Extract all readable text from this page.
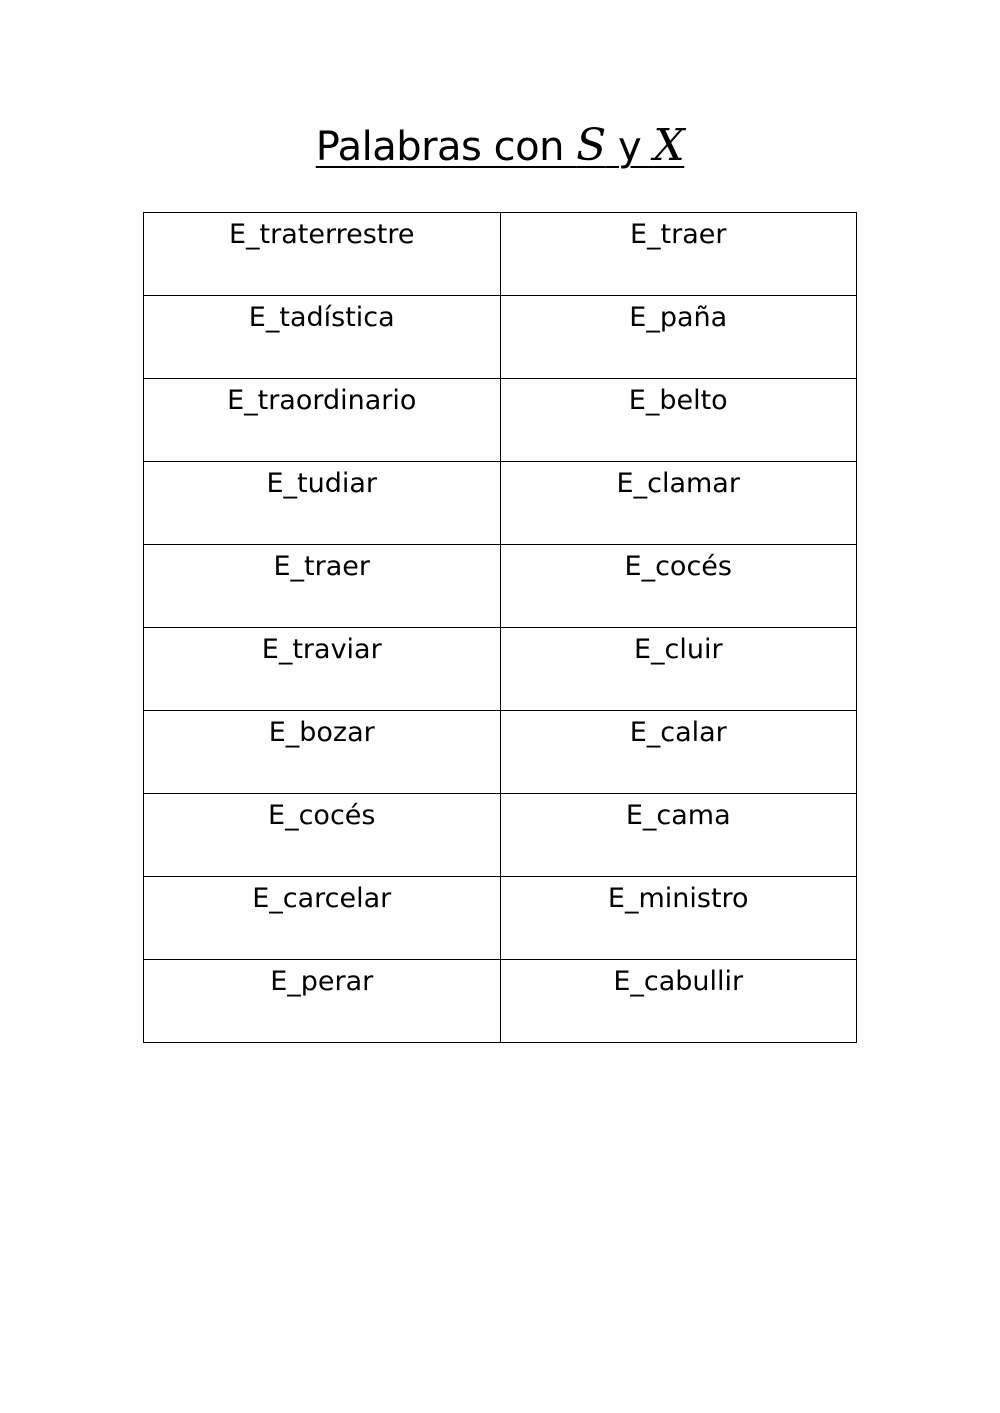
Palabras con S y X
E_traterrestre	E_traer
E_tadística	E_paña
E_traordinario	E_belto
E_tudiar	E_clamar
E_traer	E_cocés
E_traviar	E_cluir
E_bozar	E_calar
E_cocés	E_cama
E_carcelar	E_ministro
E_perar	E_cabullir
